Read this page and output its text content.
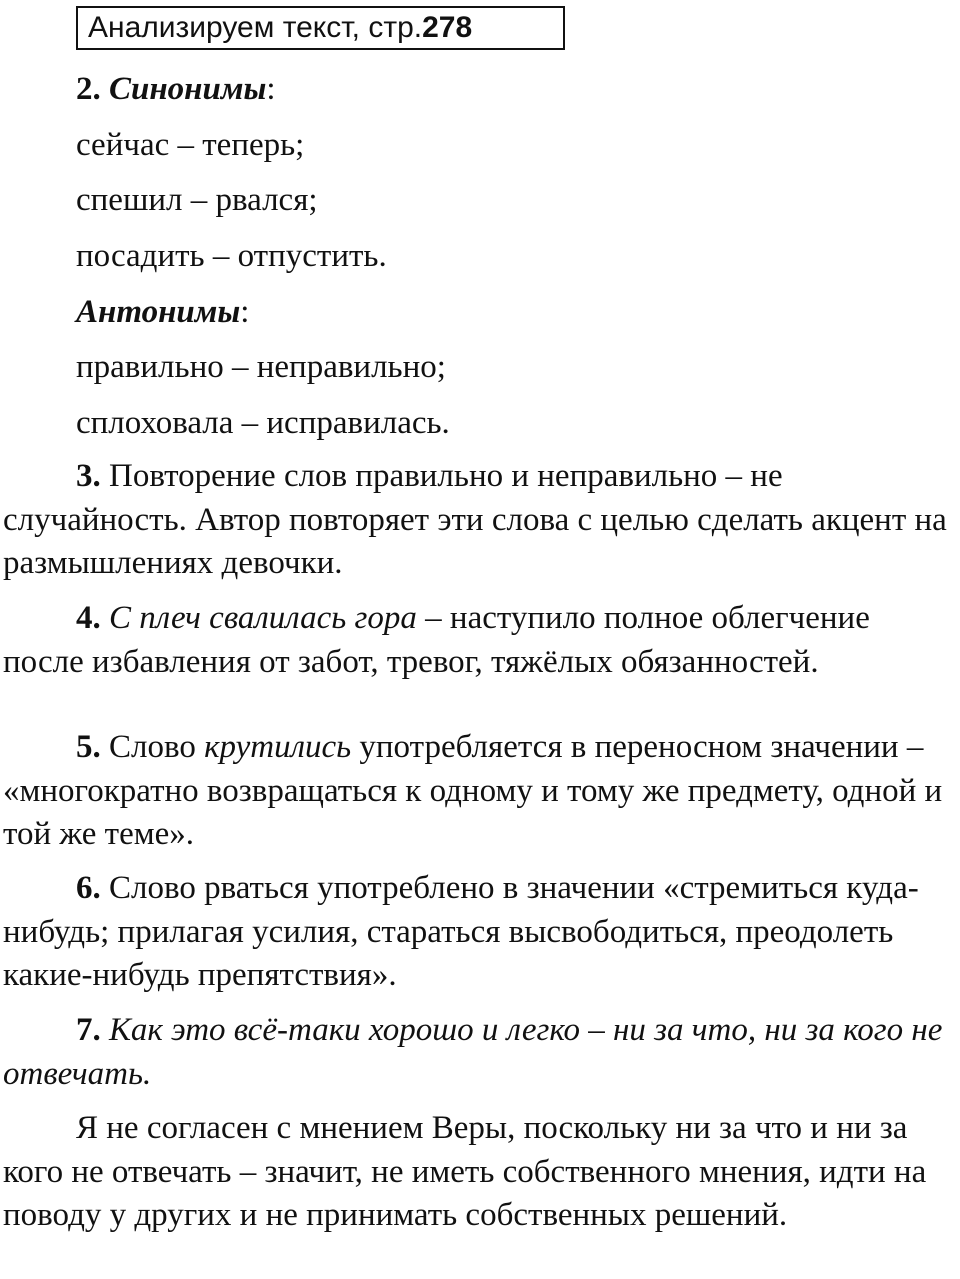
Анализируем текст, стр.278
2. Синонимы:
сейчас – теперь;
спешил – рвался;
посадить – отпустить.
Антонимы:
правильно – неправильно;
сплоховала – исправилась.
3. Повторение слов правильно и неправильно – не случайность. Автор повторяет эти слова с целью сделать акцент на размышлениях девочки.
4. С плеч свалилась гора – наступило полное облегчение после избавления от забот, тревог, тяжёлых обязанностей.
5. Слово крутились употребляется в переносном значении – «многократно возвращаться к одному и тому же предмету, одной и той же теме».
6. Слово рваться употреблено в значении «стремиться куда-нибудь; прилагая усилия, стараться высвободиться, преодолеть какие-нибудь препятствия».
7. Как это всё-таки хорошо и легко – ни за что, ни за кого не отвечать.
Я не согласен с мнением Веры, поскольку ни за что и ни за кого не отвечать – значит, не иметь собственного мнения, идти на поводу у других и не принимать собственных решений.
